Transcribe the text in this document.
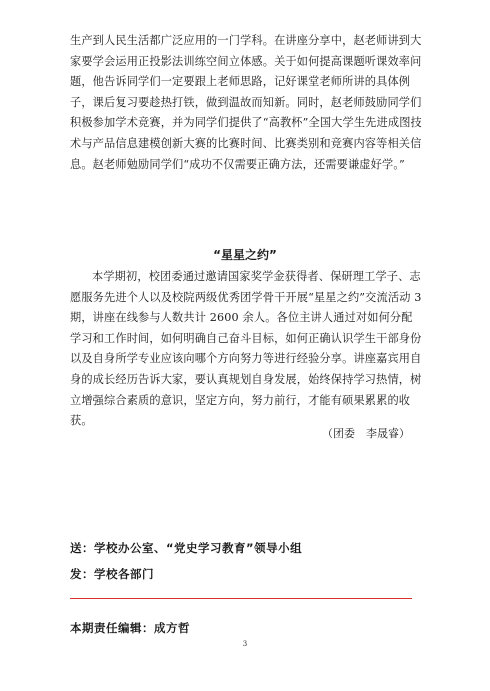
生产到人民生活都广泛应用的一门学科。在讲座分享中，赵老师讲到大家要学会运用正投影法训练空间立体感。关于如何提高课题听课效率问题，他告诉同学们一定要跟上老师思路，记好课堂老师所讲的具体例子，课后复习要趁热打铁，做到温故而知新。同时，赵老师鼓励同学们积极参加学术竞赛，并为同学们提供了“高教杯”全国大学生先进成图技术与产品信息建模创新大赛的比赛时间、比赛类别和竞赛内容等相关信息。赵老师勉励同学们“成功不仅需要正确方法，还需要谦虚好学。”
“星星之约”
本学期初，校团委通过邀请国家奖学金获得者、保研理工学子、志愿服务先进个人以及校院两级优秀团学骨干开展“星星之约”交流活动 3 期，讲座在线参与人数共计 2600 余人。各位主讲人通过对如何分配学习和工作时间，如何明确自己奋斗目标，如何正确认识学生干部身份以及自身所学专业应该向哪个方向努力等进行经验分享。讲座嘉宾用自身的成长经历告诉大家，要认真规划自身发展，始终保持学习热情，树立增强综合素质的意识，坚定方向，努力前行，才能有硕果累累的收获。
（团委　李晟睿）
送：学校办公室、“党史学习教育”领导小组
发：学校各部门
本期责任编辑：成方哲
3
